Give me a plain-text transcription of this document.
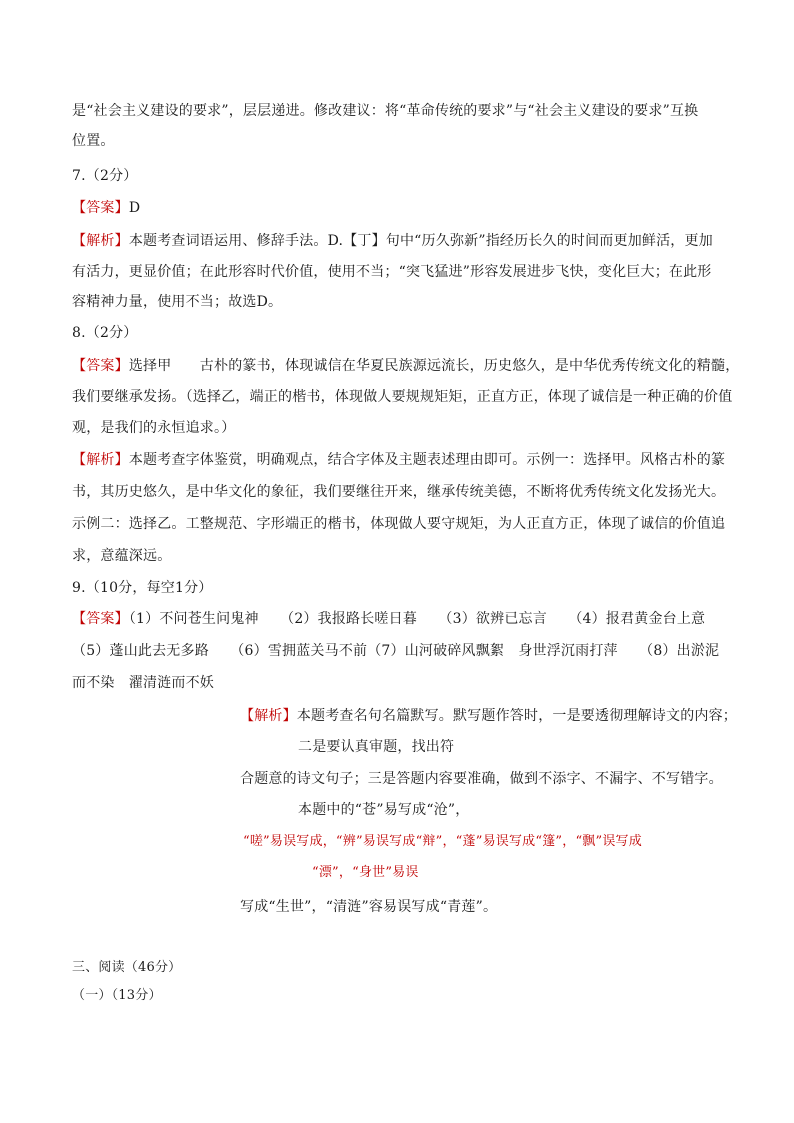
是“社会主义建设的要求”，层层递进。修改建议：将“革命传统的要求”与“社会主义建设的要求”互换
位置。
7.（2分）
【答案】D
【解析】本题考查词语运用、修辞手法。D.【丁】句中“历久弥新”指经历长久的时间而更加鲜活，更加
有活力，更显价值；在此形容时代价值，使用不当；“突飞猛进”形容发展进步飞快，变化巨大；在此形
容精神力量，使用不当；故选D。
8.（2分）
【答案】选择甲　　古朴的篆书，体现诚信在华夏民族源远流长，历史悠久，是中华优秀传统文化的精髓，
我们要继承发扬。（选择乙，端正的楷书，体现做人要规规矩矩，正直方正，体现了诚信是一种正确的价值
观，是我们的永恒追求。）
【解析】本题考查字体鉴赏，明确观点，结合字体及主题表述理由即可。示例一：选择甲。风格古朴的篆
书，其历史悠久，是中华文化的象征，我们要继往开来，继承传统美德，不断将优秀传统文化发扬光大。
示例二：选择乙。工整规范、字形端正的楷书，体现做人要守规矩，为人正直方正，体现了诚信的价值追
求，意蕴深远。
9.（10分，每空1分）
【答案】（1）不问苍生问鬼神　　（2）我报路长嗟日暮　　（3）欲辨已忘言　　（4）报君黄金台上意
（5）蓬山此去无多路　　（6）雪拥蓝关马不前（7）山河破碎风飘絮　身世浮沉雨打萍　　（8）出淤泥
而不染　濯清涟而不妖
【解析】本题考查名句名篇默写。默写题作答时，一是要透彻理解诗文的内容；
二是要认真审题，找出符
合题意的诗文句子；三是答题内容要准确，做到不添字、不漏字、不写错字。
本题中的“苍”易写成“沧”，
“嗟”易误写成，“辨”易误写成“辩”，“蓬”易误写成“篷”，“飘”误写成
“漂”，“身世”易误
写成“生世”，“清涟”容易误写成“青莲”。
三、阅读（46分）
（一）（13分）
